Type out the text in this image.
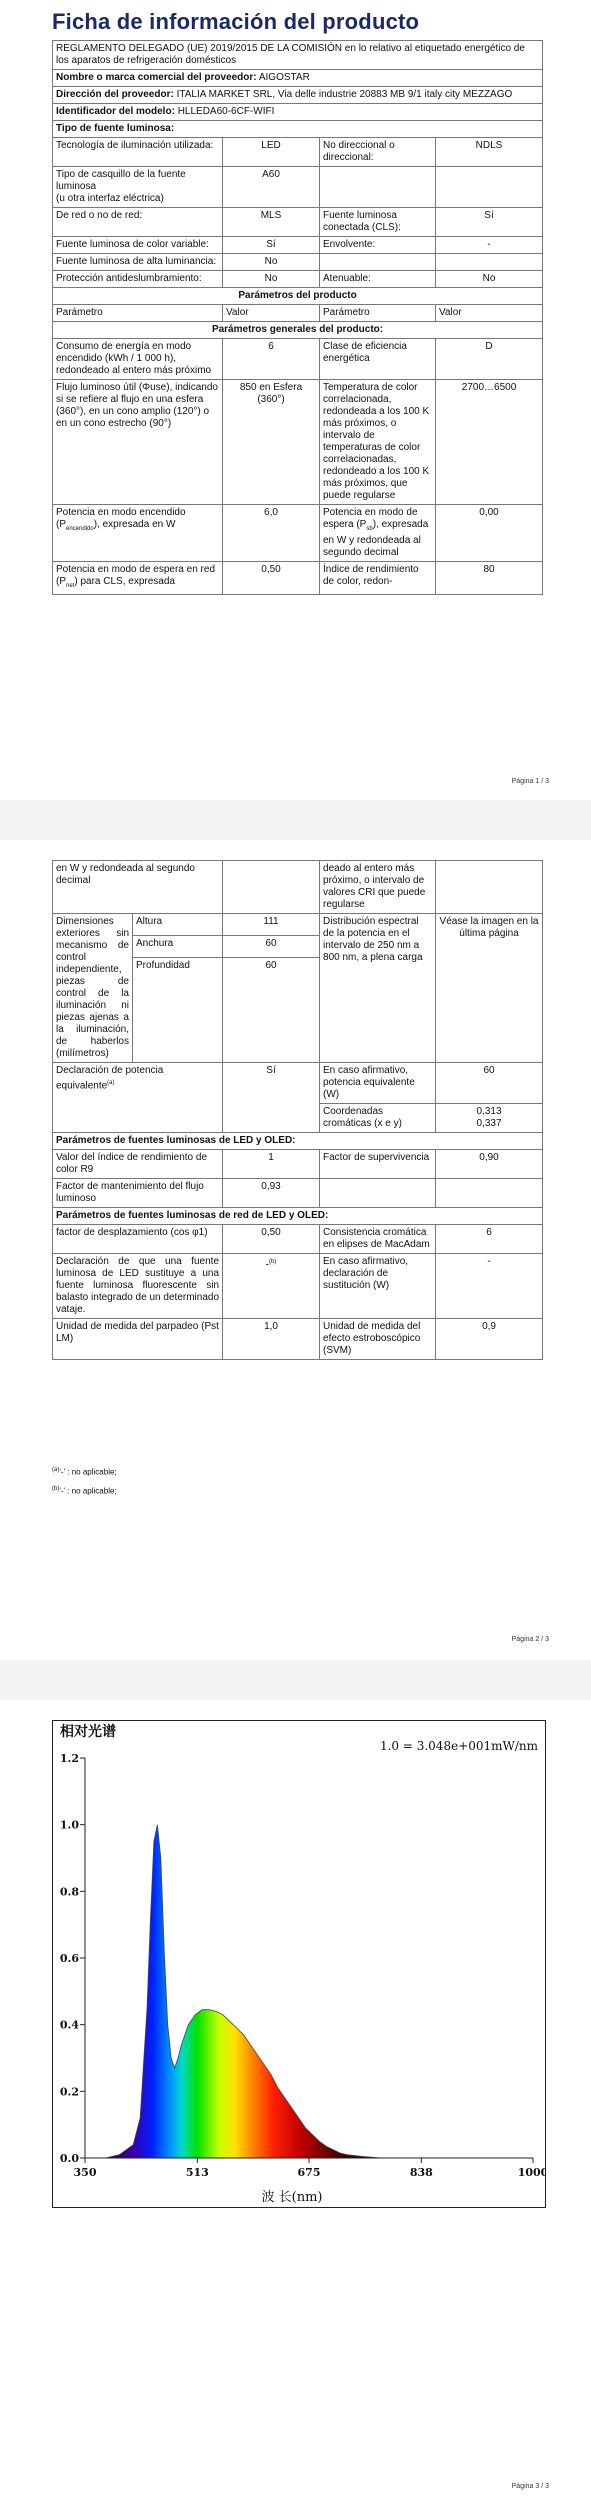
Ficha de información del producto
REGLAMENTO DELEGADO (UE) 2019/2015 DE LA COMISIÓN en lo relativo al etiquetado energético de los aparatos de refrigeración domésticos			
Nombre o marca comercial del proveedor: AIGOSTAR			
Dirección del proveedor: ITALIA MARKET SRL, Via delle industrie 20883 MB 9/1 italy city MEZZAGO			
Identificador del modelo: HLLEDA60-6CF-WIFI			
Tipo de fuente luminosa:			
Tecnología de iluminación utilizada:	LED	No direccional o direccional:	NDLS

Tipo de casquillo de la fuente luminosa
(u otra interfaz eléctrica)	A60		
De red o no de red:	MLS	Fuente luminosa conectada (CLS):	Sí
Fuente luminosa de color variable:	Sí	Envolvente:	-
Fuente luminosa de alta luminancia:	No		
Protección antideslumbramiento:	No	Atenuable:	No
Parámetros del producto			
Parámetro	Valor	Parámetro	Valor
Parámetros generales del producto:			
Consumo de energía en modo encendido (kWh / 1 000 h), redondeado al entero más próximo	6	Clase de eficiencia energética	D
Flujo luminoso útil (Φuse), indicando si se refiere al flujo en una esfera (360°), en un cono amplio (120°) o en un cono estrecho (90°)	850 en Esfera (360°)	Temperatura de color correlacionada, redondeada a los 100 K más próximos, o intervalo de temperaturas de color correlacionadas, redondeado a los 100 K más próximos, que puede regularse	2700…6500
Potencia en modo encendido $(P_{encendido})$, expresada en W	6,0	Potencia en modo de espera $(P_{sb})$, expresada en W y redondeada al segundo decimal	0,00
Potencia en modo de espera en red $(P_{net})$ para CLS, expresada	0,50	Índice de rendimiento de color, redon-	80
Página 1 / 3
en W y redondeada al segundo decimal			deado al entero más próximo, o intervalo de valores CRI que puede regularse	
Dimensiones exteriores sin mecanismo de control independiente, piezas de control de la iluminación ni piezas ajenas a la iluminación, de haberlos (milímetros)	Altura	111	Distribución espectral de la potencia en el intervalo de 250 nm a 800 nm, a plena carga	Véase la imagen en la última página
	Anchura	60		
	Profundidad	60		
Declaración de potencia equivalente$^{(a)}$		Sí	En caso afirmativo, potencia equivalente (W)	60
			Coordenadas cromáticas (x e y)	0,313
0,337

Parámetros de fuentes luminosas de LED y OLED:				
Valor del índice de rendimiento de color R9		1	Factor de supervivencia	0,90
Factor de mantenimiento del flujo luminoso		0,93		
Parámetros de fuentes luminosas de red de LED y OLED:				
factor de desplazamiento (cos φ1)		0,50	Consistencia cromática en elipses de MacAdam	6
Declaración de que una fuente luminosa de LED sustituye a una fuente luminosa fluorescente sin balasto integrado de un determinado vataje.		-$^{(b)}$	En caso afirmativo, declaración de sustitución (W)	-
Unidad de medida del parpadeo (Pst LM)		1,0	Unidad de medida del efecto estroboscópico (SVM)	0,9
$^{(a)}$'-' : no aplicable;
$^{(b)}$'-' : no aplicable;
Página 2 / 3
相对光谱
1.0 = 3.048e+001mW/nm
0.0
0.2
0.4
0.6
0.8
1.0
1.2
350	513	675	838	1000
波 长(nm)
Página 3 / 3
